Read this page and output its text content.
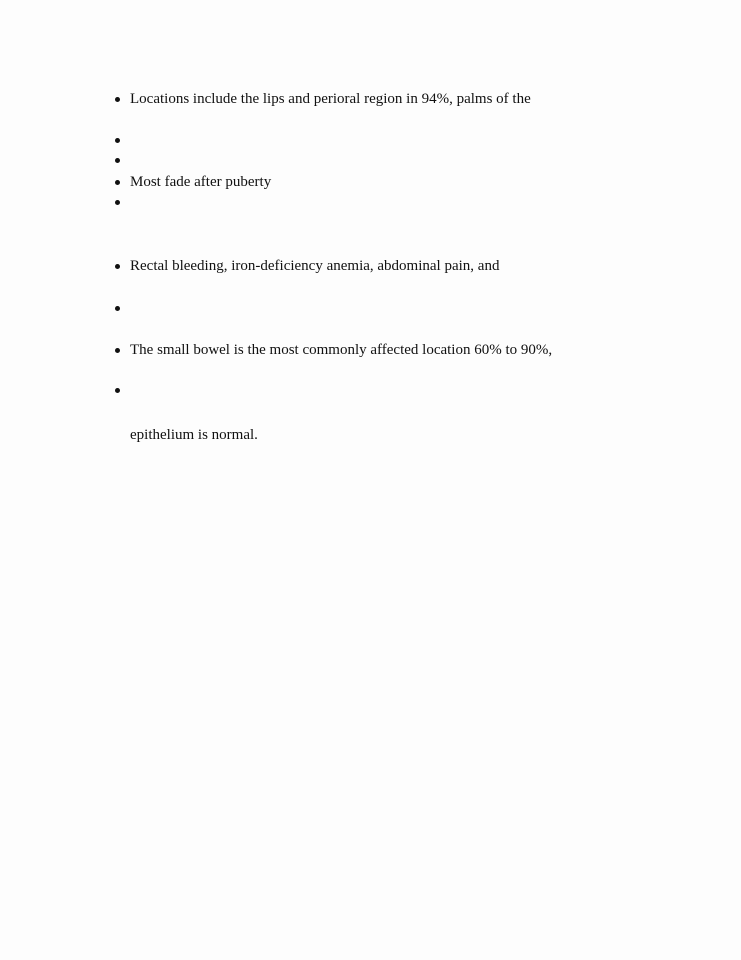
Locations include the lips and perioral region in 94%, palms of the
Most fade after puberty
Rectal bleeding, iron-deficiency anemia, abdominal pain, and
The small bowel is the most commonly affected location 60% to 90%,
epithelium is normal.
